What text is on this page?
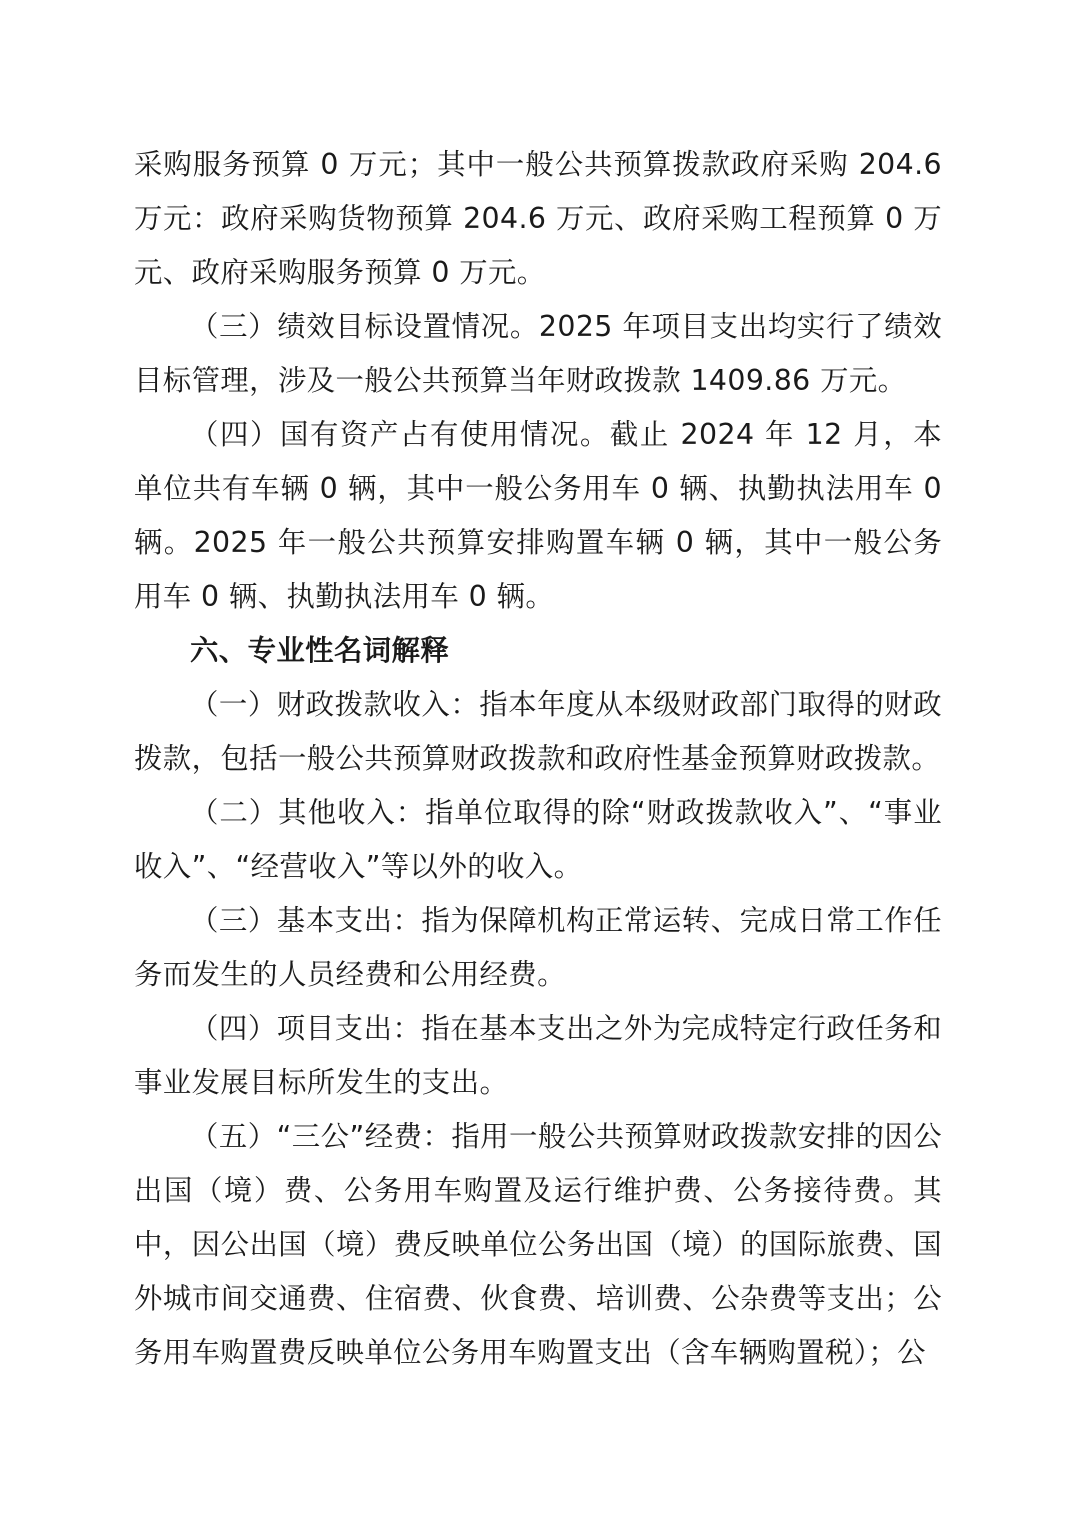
采购服务预算 0 万元；其中一般公共预算拨款政府采购 204.6 万元：政府采购货物预算 204.6 万元、政府采购工程预算 0 万元、政府采购服务预算 0 万元。

（三）绩效目标设置情况。2025 年项目支出均实行了绩效目标管理，涉及一般公共预算当年财政拨款 1409.86 万元。

（四）国有资产占有使用情况。截止 2024 年 12 月，本单位共有车辆 0 辆，其中一般公务用车 0 辆、执勤执法用车 0 辆。2025 年一般公共预算安排购置车辆 0 辆，其中一般公务用车 0 辆、执勤执法用车 0 辆。

六、专业性名词解释

（一）财政拨款收入：指本年度从本级财政部门取得的财政拨款，包括一般公共预算财政拨款和政府性基金预算财政拨款。

（二）其他收入：指单位取得的除“财政拨款收入”、“事业收入”、“经营收入”等以外的收入。

（三）基本支出：指为保障机构正常运转、完成日常工作任务而发生的人员经费和公用经费。

（四）项目支出：指在基本支出之外为完成特定行政任务和事业发展目标所发生的支出。

（五）“三公”经费：指用一般公共预算财政拨款安排的因公出国（境）费、公务用车购置及运行维护费、公务接待费。其中，因公出国（境）费反映单位公务出国（境）的国际旅费、国外城市间交通费、住宿费、伙食费、培训费、公杂费等支出；公务用车购置费反映单位公务用车购置支出（含车辆购置税）；公
